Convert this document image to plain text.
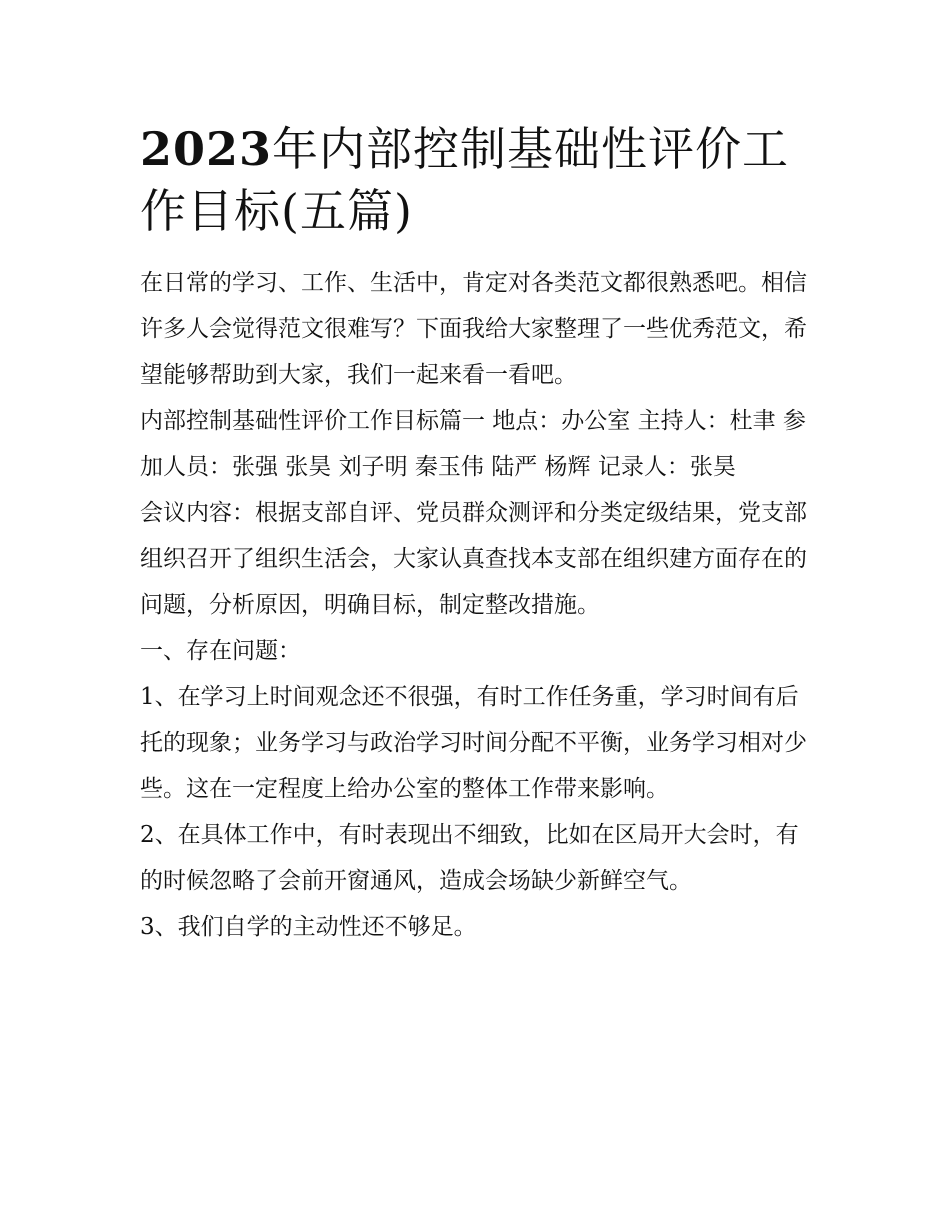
2023年内部控制基础性评价工作目标(五篇)

在日常的学习、工作、生活中，肯定对各类范文都很熟悉吧。相信许多人会觉得范文很难写？下面我给大家整理了一些优秀范文，希望能够帮助到大家，我们一起来看一看吧。

内部控制基础性评价工作目标篇一 地点：办公室 主持人：杜聿 参加人员：张强 张昊 刘子明 秦玉伟 陆严 杨辉 记录人：张昊

会议内容：根据支部自评、党员群众测评和分类定级结果，党支部组织召开了组织生活会，大家认真查找本支部在组织建方面存在的问题，分析原因，明确目标，制定整改措施。

一、存在问题：

1、在学习上时间观念还不很强，有时工作任务重，学习时间有后托的现象；业务学习与政治学习时间分配不平衡，业务学习相对少些。这在一定程度上给办公室的整体工作带来影响。

2、在具体工作中，有时表现出不细致，比如在区局开大会时，有的时候忽略了会前开窗通风，造成会场缺少新鲜空气。

3、我们自学的主动性还不够足。
